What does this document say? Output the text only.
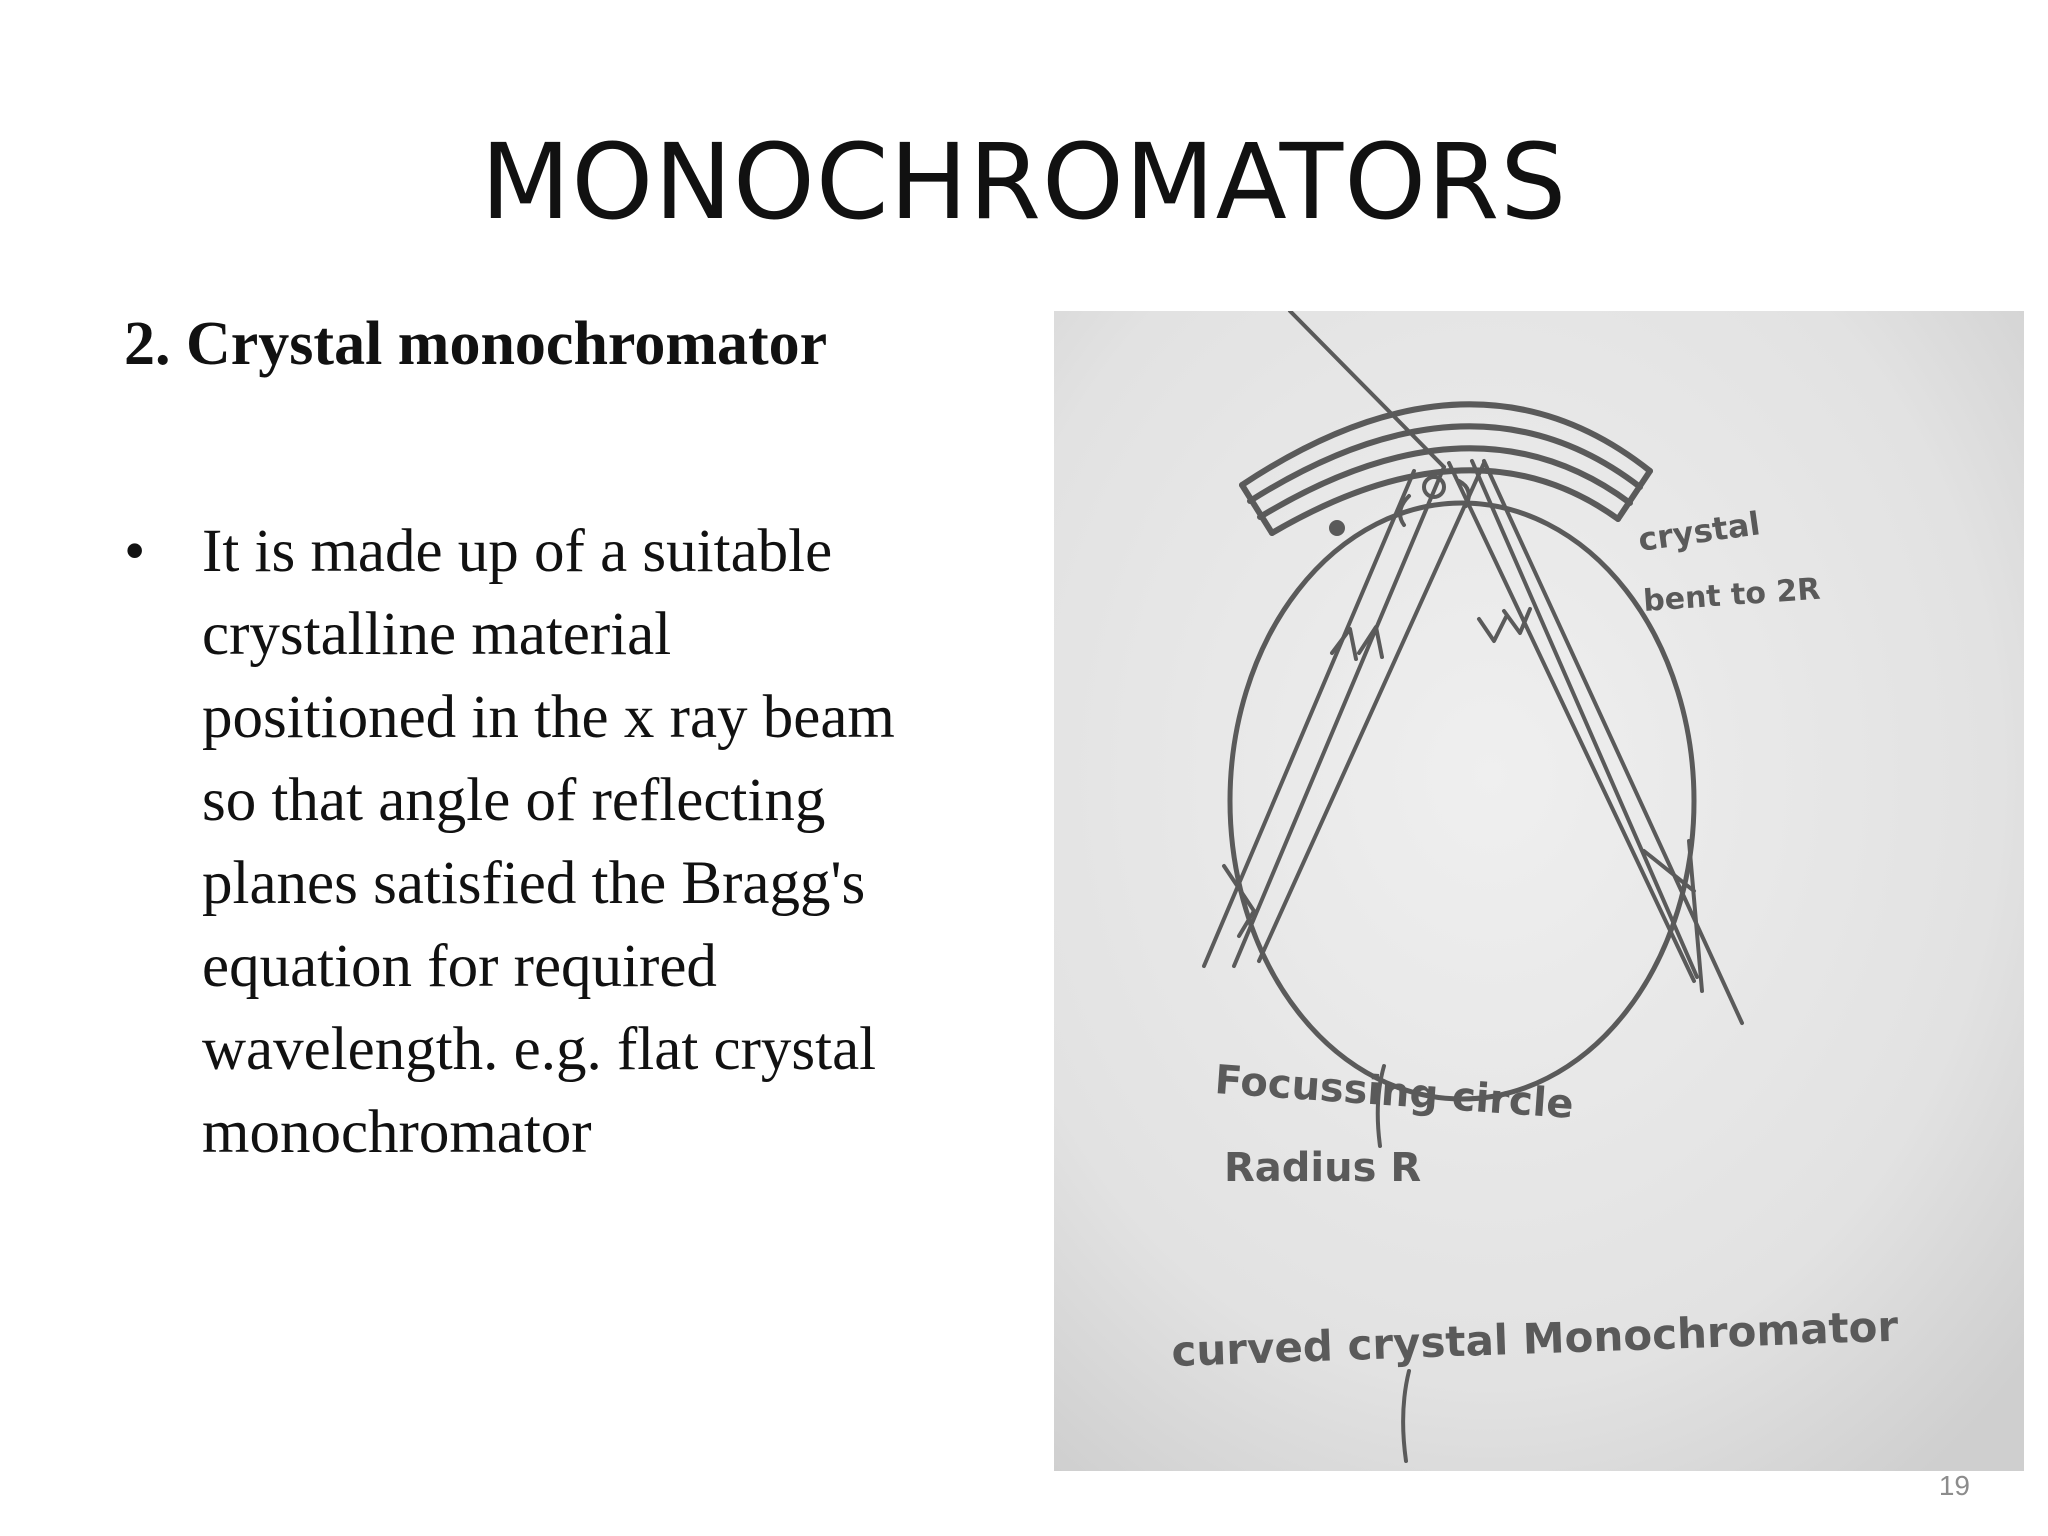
MONOCHROMATORS
2. Crystal monochromator
• It is made up of a suitable
crystalline material
positioned in the x ray beam
so that angle of reflecting
planes satisfied the Bragg's
equation for required
wavelength. e.g. flat crystal
monochromator
crystal
bent to 2R
Focussing circle
Radius R
curved crystal Monochromator
19
